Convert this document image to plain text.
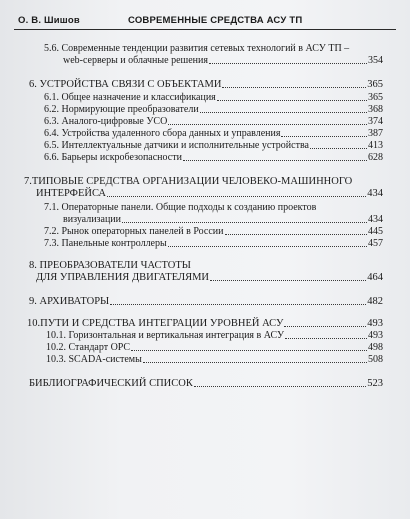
О. В. Шишов	СОВРЕМЕННЫЕ СРЕДСТВА АСУ ТП
5.6. Современные тенденции развития сетевых технологий в АСУ ТП –
web-серверы и облачные решения	354
6. УСТРОЙСТВА СВЯЗИ С ОБЪЕКТАМИ	365
6.1. Общее назначение и классификация	365
6.2. Нормирующие преобразователи	368
6.3. Аналого-цифровые УСО	374
6.4. Устройства удаленного сбора данных и управления	387
6.5. Интеллектуальные датчики и исполнительные устройства	413
6.6. Барьеры искробезопасности	628
7.ТИПОВЫЕ СРЕДСТВА ОРГАНИЗАЦИИ ЧЕЛОВЕКО-МАШИННОГО
ИНТЕРФЕЙСА	434
7.1. Операторные панели. Общие подходы к созданию проектов
визуализации	434
7.2. Рынок операторных панелей в России	445
7.3. Панельные контроллеры	457
8. ПРЕОБРАЗОВАТЕЛИ ЧАСТОТЫ
ДЛЯ УПРАВЛЕНИЯ ДВИГАТЕЛЯМИ	464
9. АРХИВАТОРЫ	482
10.ПУТИ И СРЕДСТВА ИНТЕГРАЦИИ УРОВНЕЙ АСУ	493
10.1. Горизонтальная и вертикальная интеграция в АСУ	493
10.2. Стандарт OPC	498
10.3. SCADA-системы	508
БИБЛИОГРАФИЧЕСКИЙ СПИСОК	523
